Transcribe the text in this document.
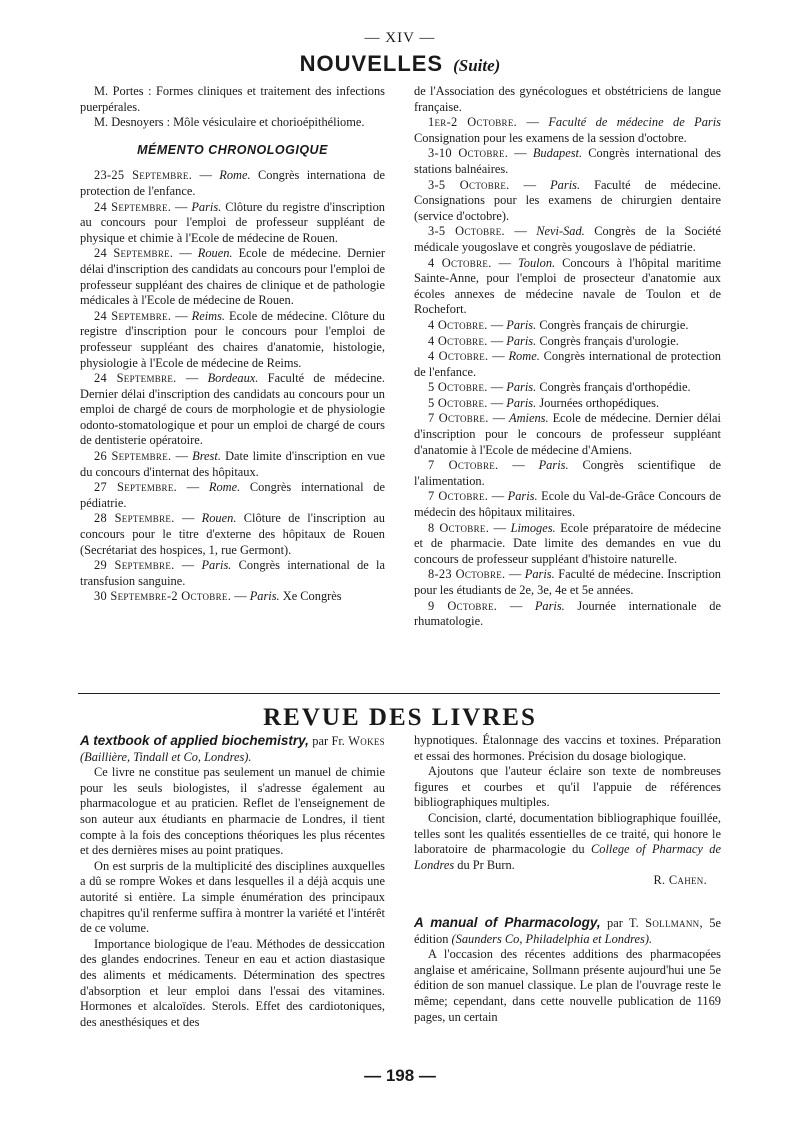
— XIV —
NOUVELLES (Suite)

M. Portes : Formes cliniques et traitement des infections puerpérales.

M. Desnoyers : Môle vésiculaire et chorioépithéliome.

MÉMENTO CHRONOLOGIQUE

23-25 Septembre. — Rome. Congrès internationa de protection de l'enfance.

24 Septembre. — Paris. Clôture du registre d'inscription au concours pour l'emploi de professeur suppléant de physique et chimie à l'Ecole de médecine de Rouen.

24 Septembre. — Rouen. Ecole de médecine. Dernier délai d'inscription des candidats au concours pour l'emploi de professeur suppléant des chaires de clinique et de pathologie médicales à l'Ecole de médecine de Rouen.

24 Septembre. — Reims. Ecole de médecine. Clôture du registre d'inscription pour le concours pour l'emploi de professeur suppléant des chaires d'anatomie, histologie, physiologie à l'Ecole de médecine de Reims.

24 Septembre. — Bordeaux. Faculté de médecine. Dernier délai d'inscription des candidats au concours pour un emploi de chargé de cours de morphologie et de physiologie odonto-stomatologique et pour un emploi de chargé de cours de dentisterie opératoire.

26 Septembre. — Brest. Date limite d'inscription en vue du concours d'internat des hôpitaux.

27 Septembre. — Rome. Congrès international de pédiatrie.

28 Septembre. — Rouen. Clôture de l'inscription au concours pour le titre d'externe des hôpitaux de Rouen (Secrétariat des hospices, 1, rue Germont).

29 Septembre. — Paris. Congrès international de la transfusion sanguine.

30 Septembre-2 Octobre. — Paris. Xe Congrès

de l'Association des gynécologues et obstétriciens de langue française.

1er-2 Octobre. — Faculté de médecine de Paris Consignation pour les examens de la session d'octobre.

3-10 Octobre. — Budapest. Congrès international des stations balnéaires.

3-5 Octobre. — Paris. Faculté de médecine. Consignations pour les examens de chirurgien dentaire (service d'octobre).

3-5 Octobre. — Nevi-Sad. Congrès de la Société médicale yougoslave et congrès yougoslave de pédiatrie.

4 Octobre. — Toulon. Concours à l'hôpital maritime Sainte-Anne, pour l'emploi de prosecteur d'anatomie aux écoles annexes de médecine navale de Toulon et de Rochefort.

4 Octobre. — Paris. Congrès français de chirurgie.

4 Octobre. — Paris. Congrès français d'urologie.

4 Octobre. — Rome. Congrès international de protection de l'enfance.

5 Octobre. — Paris. Congrès français d'orthopédie.

5 Octobre. — Paris. Journées orthopédiques.

7 Octobre. — Amiens. Ecole de médecine. Dernier délai d'inscription pour le concours de professeur suppléant d'anatomie à l'Ecole de médecine d'Amiens.

7 Octobre. — Paris. Congrès scientifique de l'alimentation.

7 Octobre. — Paris. Ecole du Val-de-Grâce Concours de médecin des hôpitaux militaires.

8 Octobre. — Limoges. Ecole préparatoire de médecine et de pharmacie. Date limite des demandes en vue du concours de professeur suppléant d'histoire naturelle.

8-23 Octobre. — Paris. Faculté de médecine. Inscription pour les étudiants de 2e, 3e, 4e et 5e années.

9 Octobre. — Paris. Journée internationale de rhumatologie.

REVUE DES LIVRES

A textbook of applied biochemistry, par Fr. Wokes (Baillière, Tindall et Co, Londres).

Ce livre ne constitue pas seulement un manuel de chimie pour les seuls biologistes, il s'adresse également au pharmacologue et au praticien. Reflet de l'enseignement de son auteur aux étudiants en pharmacie de Londres, il tient compte à la fois des conceptions théoriques les plus récentes et des dernières mises au point pratiques.

On est surpris de la multiplicité des disciplines auxquelles a dû se rompre Wokes et dans lesquelles il a déjà acquis une autorité si entière. La simple énumération des principaux chapitres qu'il renferme suffira à montrer la variété et l'intérêt de ce volume.

Importance biologique de l'eau. Méthodes de dessiccation des glandes endocrines. Teneur en eau et action diastasique des aliments et médicaments. Détermination des spectres d'absorption et leur emploi dans l'essai des vitamines. Hormones et alcaloïdes. Sterols. Effet des cardiotoniques, des anesthésiques et des

hypnotiques. Étalonnage des vaccins et toxines. Préparation et essai des hormones. Précision du dosage biologique.

Ajoutons que l'auteur éclaire son texte de nombreuses figures et courbes et qu'il l'appuie de références bibliographiques multiples.

Concision, clarté, documentation bibliographique fouillée, telles sont les qualités essentielles de ce traité, qui honore le laboratoire de pharmacologie du College of Pharmacy de Londres du Pr Burn.

R. Cahen.

A manual of Pharmacology, par T. Sollmann, 5e édition (Saunders Co, Philadelphia et Londres).

A l'occasion des récentes additions des pharmacopées anglaise et américaine, Sollmann présente aujourd'hui une 5e édition de son manuel classique. Le plan de l'ouvrage reste le même; cependant, dans cette nouvelle publication de 1169 pages, un certain

— 198 —
